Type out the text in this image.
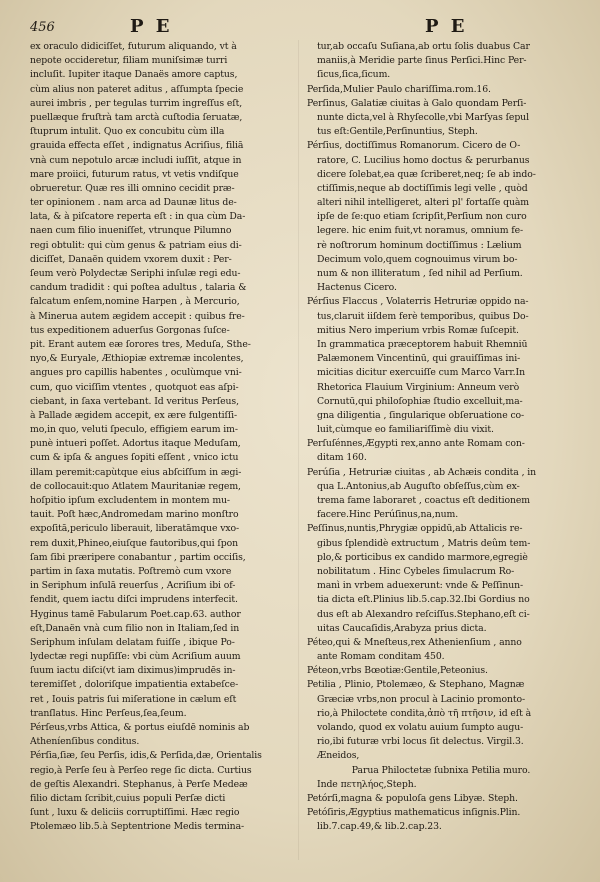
456	P E	P E
ex oraculo didiciſſet, futurum aliquando, vt à
nepote occideretur, filiam muniſsimæ turri
incluſit. Iupiter itaque Danaës amore captus,
cùm alius non pateret aditus , aſſumpta ſpecie
aurei imbris , per tegulas turrim ingreſſus eſt,
puellæque fruſtrà tam arctà cuſtodia ſeruatæ,
ſtuprum intulit. Quo ex concubitu cùm illa
grauida effecta eſſet , indignatus Acriſius, filiā
vnà cum nepotulo arcæ includi iuſſit, atque in
mare proiici, futurum ratus, vt vetis vndiſque
obrueretur. Quæ res illi omnino cecidit præ-
ter opinionem . nam arca ad Daunæ litus de-
lata, & à piſcatore reperta eſt : in qua cùm Da-
naen cum filio inueniſſet, vtrunque Pilumno
regi obtulit: qui cùm genus & patriam eius di-
diciſſet, Danaën quidem vxorem duxit : Per-
ſeum verò Polydectæ Seriphi inſulæ regi edu-
candum tradidit : qui poſtea adultus , talaria &
falcatum enſem,nomine Harpen , à Mercurio,
à Minerua autem ægidem accepit : quibus fre-
tus expeditionem aduerſus Gorgonas ſuſce-
pit. Erant autem eæ ſorores tres, Meduſa, Sthe-
nyo,& Euryale, Æthiopiæ extremæ incolentes,
angues pro capillis habentes , oculùmque vni-
cum, quo viciſſim vtentes , quotquot eas aſpi-
ciebant, in ſaxa vertebant. Id veritus Perſeus,
à Pallade ægidem accepit, ex ære fulgentiſſi-
mo,in quo, veluti ſpeculo, effigiem earum im-
punè intueri poſſet. Adortus itaque Meduſam,
cum & ipſa & angues ſopiti eſſent , vnico ictu
illam peremit:capùtque eius abſciſſum in ægi-
de collocauit:quo Atlatem Mauritaniæ regem,
hoſpitio ipſum excludentem in montem mu-
tauit. Poſt hæc,Andromedam marino monſtro
expoſitā,periculo liberauit, liberatāmque vxo-
rem duxit,Phineo,eiuſque fautoribus,qui ſpon
ſam ſibi præripere conabantur , partim occiſis,
partim in ſaxa mutatis. Poſtremò cum vxore
in Seriphum inſulā reuerſus , Acriſium ibi of-
fendit, quem iactu diſci imprudens interfecit.
Hyginus tamē Fabularum Poet.cap.63. author
eſt,Danaën vnà cum filio non in Italiam,ſed in
Seriphum inſulam delatam fuiſſe , ibique Po-
lydectæ regi nupſiſſe: vbi cùm Acriſium auum
ſuum iactu diſci(vt iam diximus)imprudēs in-
teremiſſet , doloriſque impatientia extabeſce-
ret , Iouis patris ſui miſeratione in cælum eſt
tranſlatus. Hinc Perſeus,ſea,ſeum.
Pérſeus,vrbs Attica, & portus eiuſdē nominis ab
Atheníenſibus conditus.
Pérſia,ſiæ, ſeu Perſis, idis,& Perſida,dæ, Orientalis
regio,à Perſe ſeu à Perſeo rege ſic dicta. Curtius
de geſtis Alexandri. Stephanus, à Perſe Medeæ
filio dictam ſcribit,cuius populi Perſæ dicti
ſunt , luxu & deliciis corruptiſſimi. Hæc regio
Ptolemæo lib.5.à Septentrione Medis termina-
tur,ab occaſu Suſiana,ab ortu ſolis duabus Car
maniis,à Meridie parte ſinus Perſici.Hinc Per-
ſicus,ſica,ſicum.
Perſida,Mulier Paulo chariſſima.rom.16.
Perſinus, Galatiæ ciuitas à Galo quondam Perſi-
nunte dicta,vel à Rhyſecolle,vbi Marſyas ſepul
tus eſt:Gentile,Perſinuntius, Steph.
Pérſius, doctiſſimus Romanorum. Cicero de O-
ratore, C. Lucilius homo doctus & perurbanus
dicere ſolebat,ea quæ ſcriberet,neq; ſe ab indo-
ctiſſimis,neque ab doctiſſimis legi velle , quòd
alteri nihil intelligeret, alteri pl' fortaſſe quàm
ipſe de ſe:quo etiam ſcripſit,Perſium non curo
legere. hic enim fuit,vt noramus, omnium fe-
rè noſtrorum hominum doctiſſimus : Lælium
Decimum volo,quem cognouimus virum bo-
num & non illiteratum , ſed nihil ad Perſium.
Hactenus Cicero.
Pérſius Flaccus , Volaterris Hetruriæ oppido na-
tus,claruit iiſdem ferè temporibus, quibus Do-
mitius Nero imperium vrbis Romæ ſuſcepit.
In grammatica præceptorem habuit Rhemniū
Palæmonem Vincentinū, qui grauiſſimas ini-
micitias dicitur exercuiſſe cum Marco Varr.In
Rhetorica Flauium Virginium: Anneum verò
Cornutū,qui philoſophiæ ſtudio excelluit,ma-
gna diligentia , ſingularique obſeruatione co-
luit,cùmque eo familiariſſimè diu vixit.
Perſuſénnes,Ægypti rex,anno ante Romam con-
ditam 160.
Perúſia , Hetruriæ ciuitas , ab Achæis condita , in
qua L.Antonius,ab Auguſto obſeſſus,cùm ex-
trema fame laboraret , coactus eſt deditionem
facere.Hinc Perúſinus,na,num.
Peſſinus,nuntis,Phrygiæ oppidū,ab Attalicis re-
gibus ſplendidè extructum , Matris deûm tem-
plo,& porticibus ex candido marmore,egregiè
nobilitatum . Hinc Cybeles ſimulacrum Ro-
manì in vrbem aduexerunt: vnde & Peſſinun-
tia dicta eſt.Plinius lib.5.cap.32.Ibi Gordius no
dus eſt ab Alexandro reſciſſus.Stephano,eſt ci-
uitas Caucaſidis,Arabyza prius dicta.
Péteo,qui & Mneſteus,rex Athenienſium , anno
ante Romam conditam 450.
Péteon,vrbs Bœotiæ:Gentile,Peteonius.
Petilia , Plinio, Ptolemæo, & Stephano, Magnæ
Græciæ vrbs,non procul à Lacinio promonto-
rio,à Philoctete condita,ἀπὸ τῆ πτῆσιν, id eſt à
volando, quod ex volatu auium ſumpto augu-
rio,ibi futuræ vrbi locus ſit delectus. Virgil.3.
Æneidos,
Parua Philoctetæ ſubnixa Petilia muro.
Inde πετηλήος,Steph.
Petórſi,magna & populoſa gens Libyæ. Steph.
Petóſiris,Ægyptius mathematicus inſignis.Plin.
lib.7.cap.49,& lib.2.cap.23.
